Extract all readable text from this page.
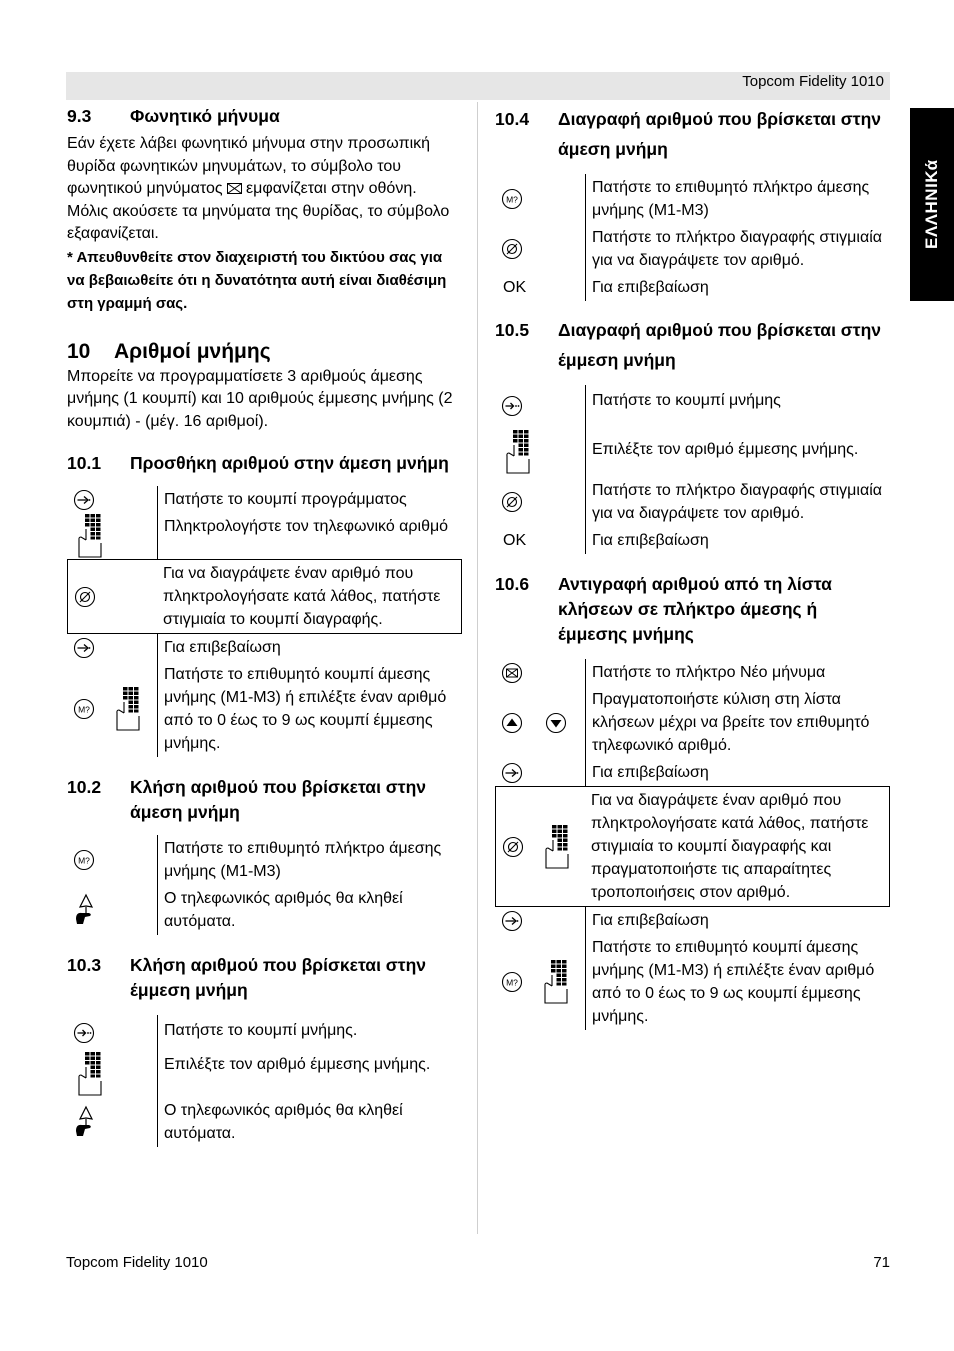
Topcom Fidelity 1010
ΕΛΛΗΝΙΚά
9.3	Φωνητικό μήνυμα

Εάν έχετε λάβει φωνητικό μήνυμα στην προσωπική θυρίδα φωνητικών μηνυμάτων, το σύμβολο του φωνητικού μηνύματος εμφανίζεται στην οθόνη. Μόλις ακούσετε τα μηνύματα της θυρίδας, το σύμβολο εξαφανίζεται.

* Απευθυνθείτε στον διαχειριστή του δικτύου σας για να βεβαιωθείτε ότι η δυνατότητα αυτή είναι διαθέσιμη στη γραμμή σας.

10	Αριθμοί μνήμης

Μπορείτε να προγραμματίσετε 3 αριθμούς άμεσης μνήμης (1 κουμπί) και 10 αριθμούς έμμεσης μνήμης (2 κουμπιά) - (μέγ. 16 αριθμοί).

10.1	Προσθήκη αριθμού στην άμεση μνήμη
Πατήστε το κουμπί προγράμματος
Πληκτρολογήστε τον τηλεφωνικό αριθμό
Για να διαγράψετε έναν αριθμό που πληκτρολογήσατε κατά λάθος, πατήστε στιγμιαία το κουμπί διαγραφής.
Για επιβεβαίωση
Πατήστε το επιθυμητό κουμπί άμεσης μνήμης (M1-M3) ή επιλέξτε έναν αριθμό από το 0 έως το 9 ως κουμπί έμμεσης μνήμης.
10.2	Κλήση αριθμού που βρίσκεται στην άμεση μνήμη
Πατήστε το επιθυμητό πλήκτρο άμεσης μνήμης (M1-M3)
Ο τηλεφωνικός αριθμός θα κληθεί αυτόματα.
10.3	Κλήση αριθμού που βρίσκεται στην έμμεση μνήμη
Πατήστε το κουμπί μνήμης.
Επιλέξτε τον αριθμό έμμεσης μνήμης.
Ο τηλεφωνικός αριθμός θα κληθεί αυτόματα.
10.4	Διαγραφή αριθμού που βρίσκεται στην άμεση μνήμη
Πατήστε το επιθυμητό πλήκτρο άμεσης μνήμης (M1-M3)
Πατήστε το πλήκτρο διαγραφής στιγμιαία για να διαγράψετε τον αριθμό.
OK	Για επιβεβαίωση
10.5	Διαγραφή αριθμού που βρίσκεται στην έμμεση μνήμη
Πατήστε το κουμπί μνήμης
Επιλέξτε τον αριθμό έμμεσης μνήμης.
Πατήστε το πλήκτρο διαγραφής στιγμιαία για να διαγράψετε τον αριθμό.
OK	Για επιβεβαίωση
10.6	Αντιγραφή αριθμού από τη λίστα κλήσεων σε πλήκτρο άμεσης ή έμμεσης μνήμης
Πατήστε το πλήκτρο Νέο μήνυμα
Πραγματοποιήστε κύλιση στη λίστα κλήσεων μέχρι να βρείτε τον επιθυμητό τηλεφωνικό αριθμό.
Για επιβεβαίωση
Για να διαγράψετε έναν αριθμό που πληκτρολογήσατε κατά λάθος, πατήστε στιγμιαία το κουμπί διαγραφής και πραγματοποιήστε τις απαραίτητες τροποποιήσεις στον αριθμό.
Για επιβεβαίωση
Πατήστε το επιθυμητό κουμπί άμεσης μνήμης (M1-M3) ή επιλέξτε έναν αριθμό από το 0 έως το 9 ως κουμπί έμμεσης μνήμης.
Topcom Fidelity 1010	71
